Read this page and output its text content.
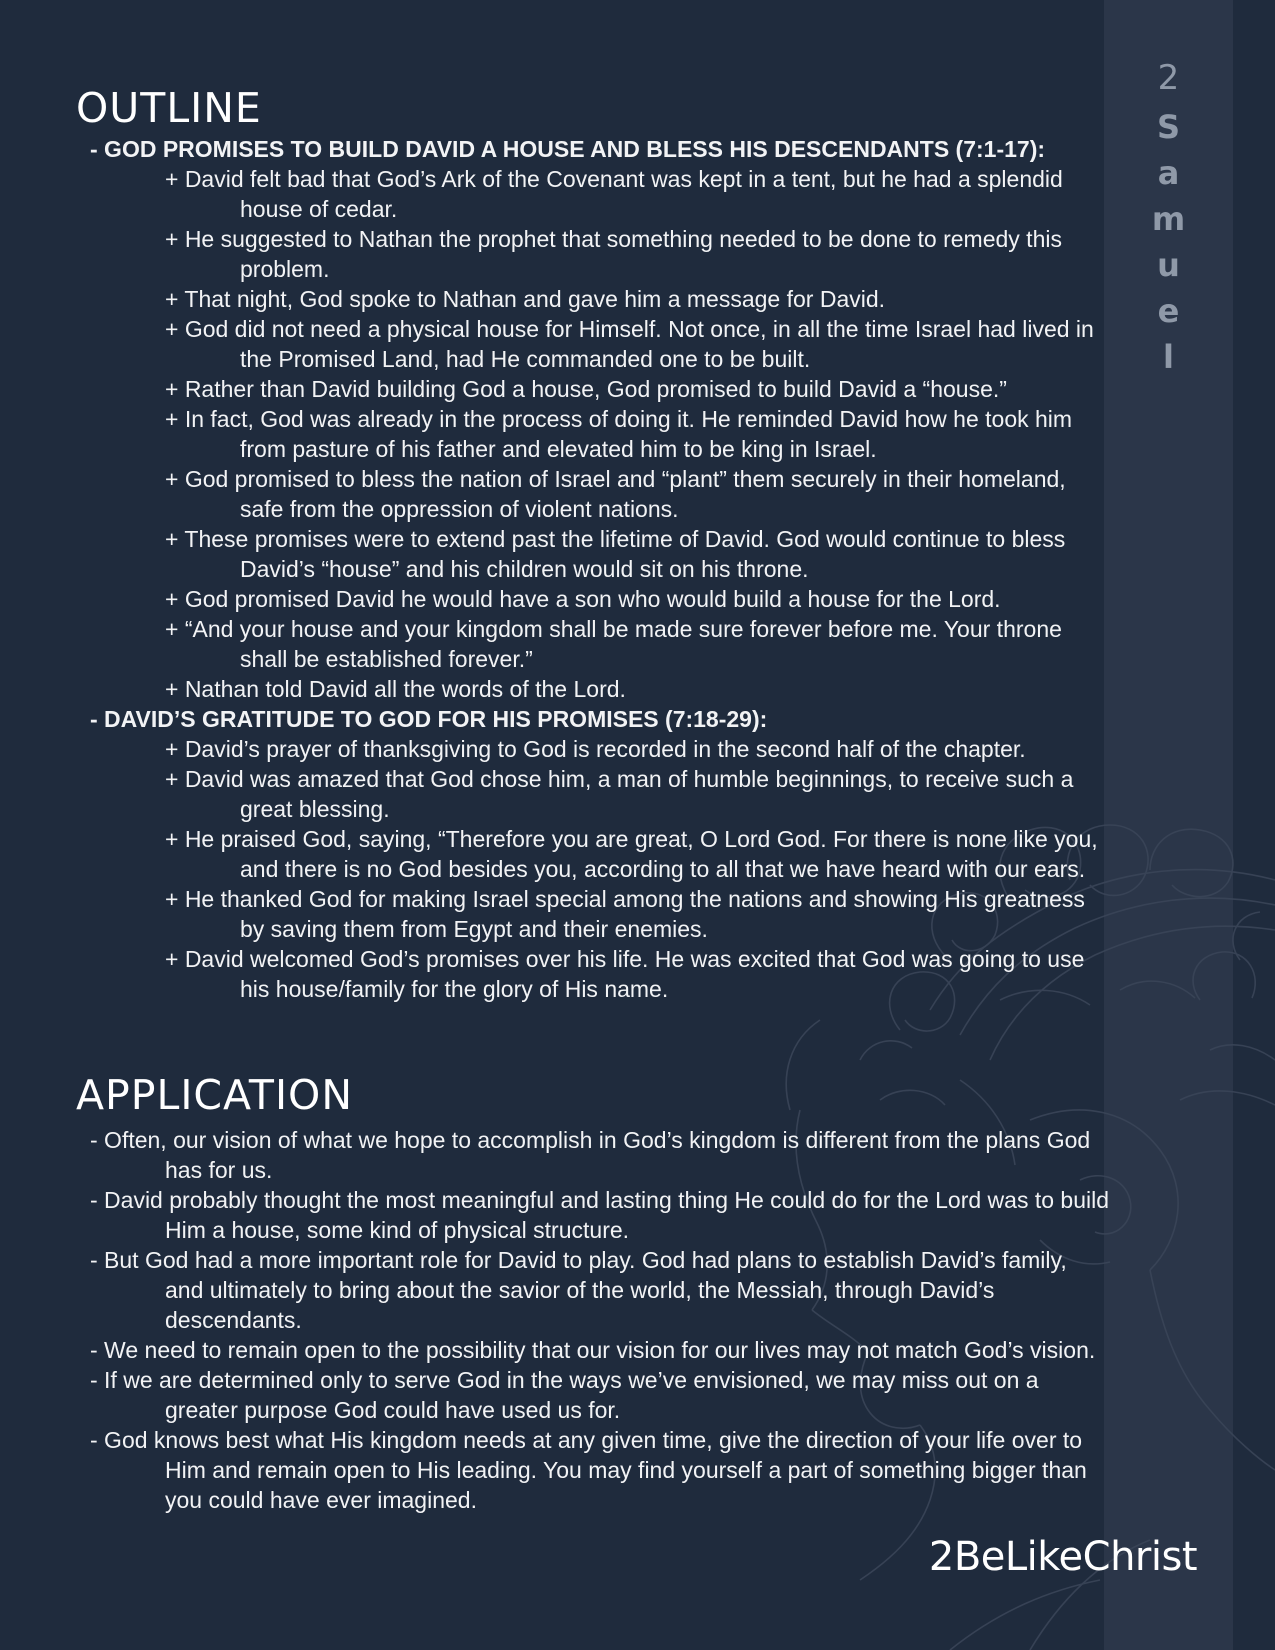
2
S
a
m
u
e
l
OUTLINE
- GOD PROMISES TO BUILD DAVID A HOUSE AND BLESS HIS DESCENDANTS (7:1-17):
+ David felt bad that God’s Ark of the Covenant was kept in a tent, but he had a splendid house of cedar.
+ He suggested to Nathan the prophet that something needed to be done to remedy this problem.
+ That night, God spoke to Nathan and gave him a message for David.
+ God did not need a physical house for Himself. Not once, in all the time Israel had lived in the Promised Land, had He commanded one to be built.
+ Rather than David building God a house, God promised to build David a “house.”
+ In fact, God was already in the process of doing it. He reminded David how he took him from pasture of his father and elevated him to be king in Israel.
+ God promised to bless the nation of Israel and “plant” them securely in their homeland, safe from the oppression of violent nations.
+ These promises were to extend past the lifetime of David. God would continue to bless David’s “house” and his children would sit on his throne.
+ God promised David he would have a son who would build a house for the Lord.
+ “And your house and your kingdom shall be made sure forever before me. Your throne shall be established forever.”
+ Nathan told David all the words of the Lord.
- DAVID’S GRATITUDE TO GOD FOR HIS PROMISES (7:18-29):
+ David’s prayer of thanksgiving to God is recorded in the second half of the chapter.
+ David was amazed that God chose him, a man of humble beginnings, to receive such a great blessing.
+ He praised God, saying, “Therefore you are great, O Lord God. For there is none like you, and there is no God besides you, according to all that we have heard with our ears.
+ He thanked God for making Israel special among the nations and showing His greatness by saving them from Egypt and their enemies.
+ David welcomed God’s promises over his life. He was excited that God was going to use his house/family for the glory of His name.
APPLICATION
- Often, our vision of what we hope to accomplish in God’s kingdom is different from the plans God has for us.
- David probably thought the most meaningful and lasting thing He could do for the Lord was to build Him a house, some kind of physical structure.
- But God had a more important role for David to play. God had plans to establish David’s family, and ultimately to bring about the savior of the world, the Messiah, through David’s descendants.
- We need to remain open to the possibility that our vision for our lives may not match God’s vision.
- If we are determined only to serve God in the ways we’ve envisioned, we may miss out on a greater purpose God could have used us for.
- God knows best what His kingdom needs at any given time, give the direction of your life over to Him and remain open to His leading. You may find yourself a part of something bigger than you could have ever imagined.
2BeLikeChrist
